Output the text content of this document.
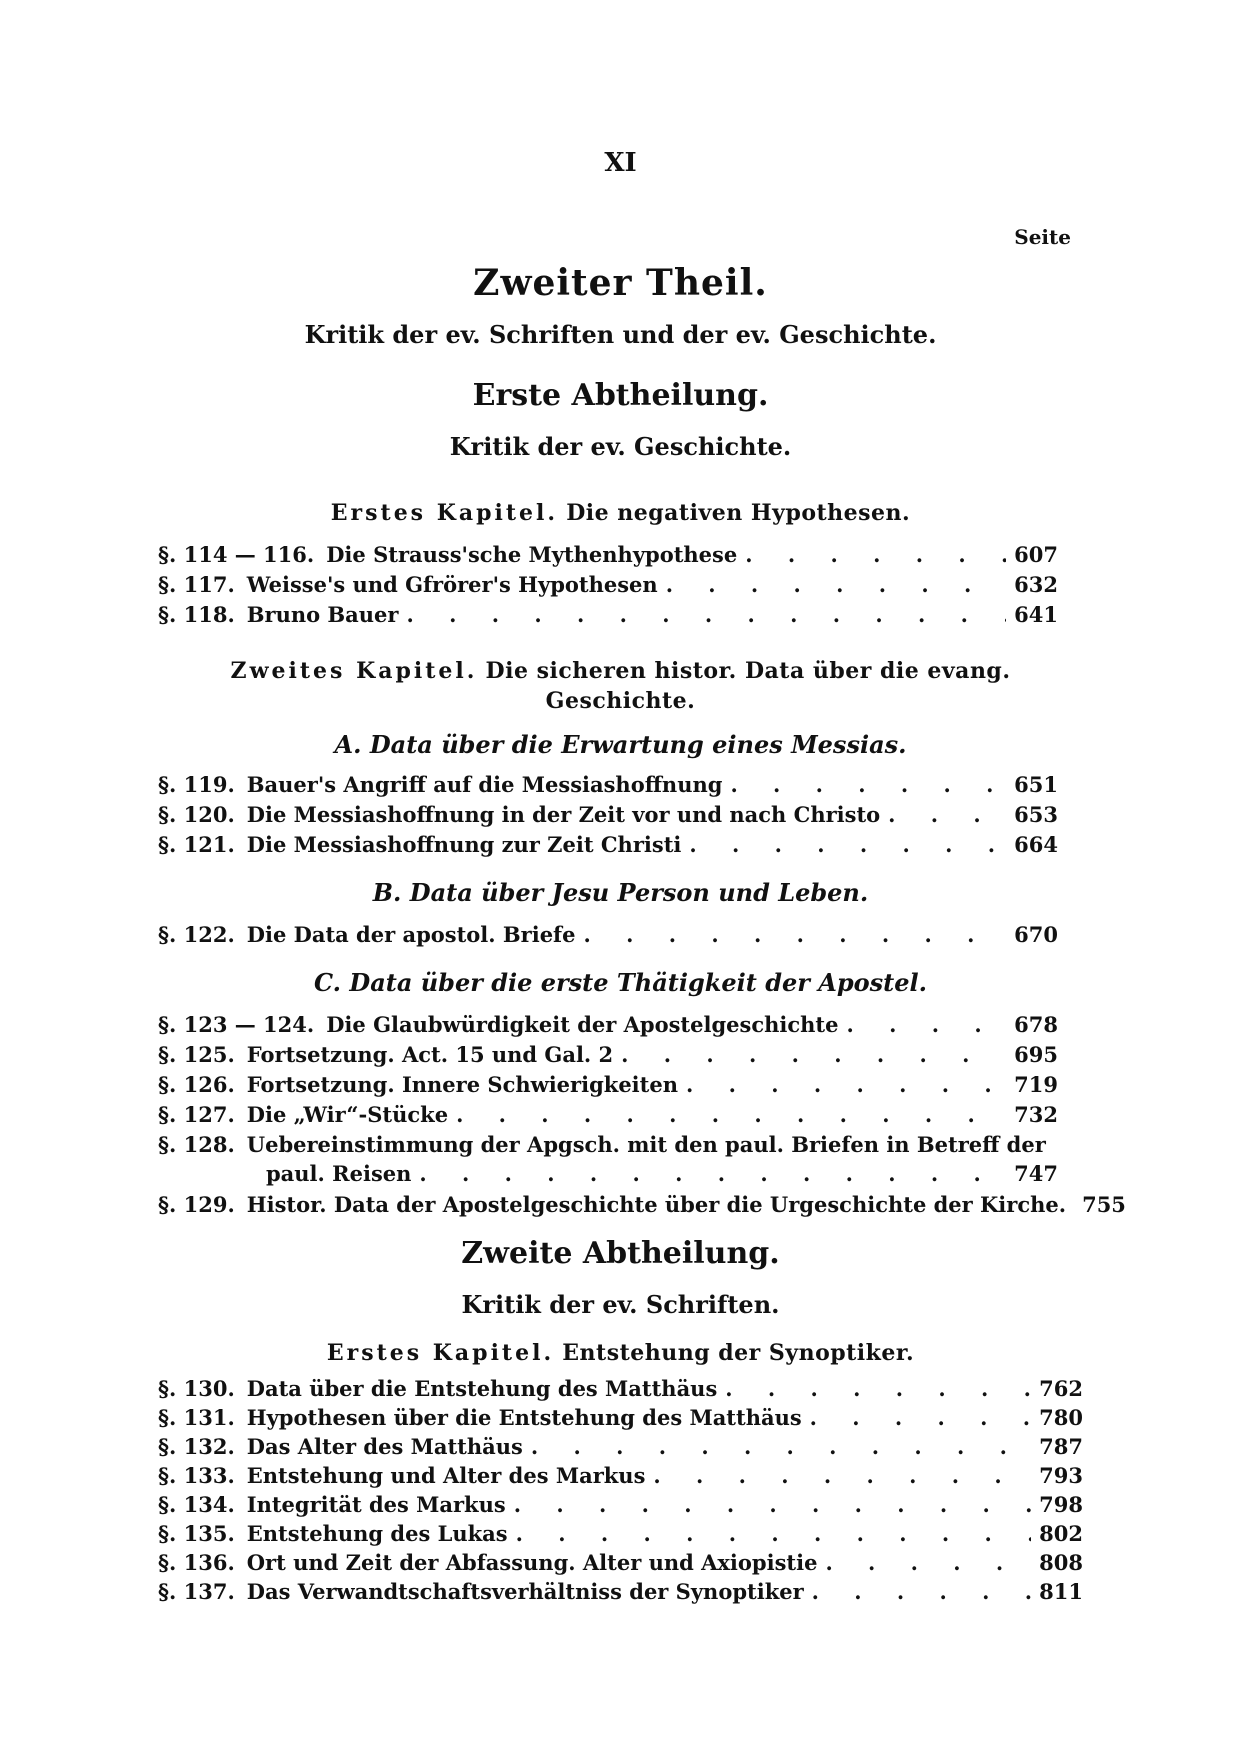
XI
Seite
Zweiter Theil.
Kritik der ev. Schriften und der ev. Geschichte.
Erste Abtheilung.
Kritik der ev. Geschichte.
Erstes Kapitel. Die negativen Hypothesen.
§. 114 — 116. Die Strauss'sche Mythenhypothese . . .	607
§. 117. Weisse's und Gfrörer's Hypothesen . . .	632
§. 118. Bruno Bauer . . .	641
Zweites Kapitel. Die sicheren histor. Data über die evang.
Geschichte.
A. Data über die Erwartung eines Messias.
§. 119. Bauer's Angriff auf die Messiashoffnung . . .	651
§. 120. Die Messiashoffnung in der Zeit vor und nach Christo . . .	653
§. 121. Die Messiashoffnung zur Zeit Christi . . .	664
B. Data über Jesu Person und Leben.
§. 122. Die Data der apostol. Briefe . . .	670
C. Data über die erste Thätigkeit der Apostel.
§. 123 — 124. Die Glaubwürdigkeit der Apostelgeschichte . . .	678
§. 125. Fortsetzung. Act. 15 und Gal. 2 . . .	695
§. 126. Fortsetzung. Innere Schwierigkeiten . . .	719
§. 127. Die „Wir“-Stücke . . .	732
§. 128. Uebereinstimmung der Apgsch. mit den paul. Briefen in Betreff der
paul. Reisen . . .	747
§. 129. Histor. Data der Apostelgeschichte über die Urgeschichte der Kirche. 755
Zweite Abtheilung.
Kritik der ev. Schriften.
Erstes Kapitel. Entstehung der Synoptiker.
§. 130. Data über die Entstehung des Matthäus . . .	762
§. 131. Hypothesen über die Entstehung des Matthäus . . .	780
§. 132. Das Alter des Matthäus . . .	787
§. 133. Entstehung und Alter des Markus . . .	793
§. 134. Integrität des Markus . . .	798
§. 135. Entstehung des Lukas . . .	802
§. 136. Ort und Zeit der Abfassung. Alter und Axiopistie . . .	808
§. 137. Das Verwandtschaftsverhältniss der Synoptiker . . .	811
